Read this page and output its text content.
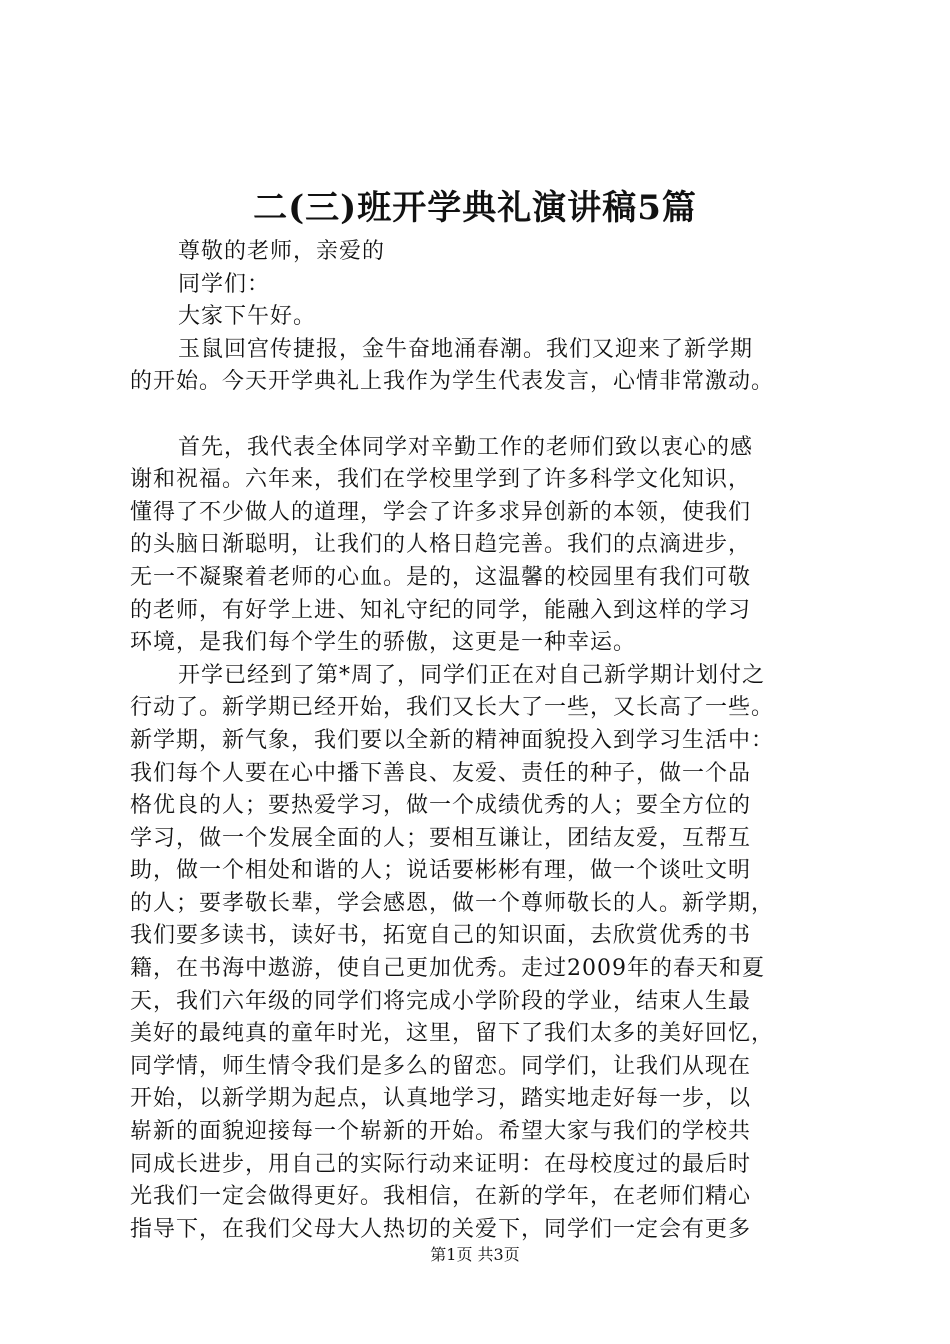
二(三)班开学典礼演讲稿5篇
尊敬的老师，亲爱的
同学们：
大家下午好。
玉鼠回宫传捷报，金牛奋地涌春潮。我们又迎来了新学期
的开始。今天开学典礼上我作为学生代表发言，心情非常激动。
首先，我代表全体同学对辛勤工作的老师们致以衷心的感
谢和祝福。六年来，我们在学校里学到了许多科学文化知识，
懂得了不少做人的道理，学会了许多求异创新的本领，使我们
的头脑日渐聪明，让我们的人格日趋完善。我们的点滴进步，
无一不凝聚着老师的心血。是的，这温馨的校园里有我们可敬
的老师，有好学上进、知礼守纪的同学，能融入到这样的学习
环境，是我们每个学生的骄傲，这更是一种幸运。
开学已经到了第*周了，同学们正在对自己新学期计划付之
行动了。新学期已经开始，我们又长大了一些，又长高了一些。
新学期，新气象，我们要以全新的精神面貌投入到学习生活中：
我们每个人要在心中播下善良、友爱、责任的种子，做一个品
格优良的人；要热爱学习，做一个成绩优秀的人；要全方位的
学习，做一个发展全面的人；要相互谦让，团结友爱，互帮互
助，做一个相处和谐的人；说话要彬彬有理，做一个谈吐文明
的人；要孝敬长辈，学会感恩，做一个尊师敬长的人。新学期，
我们要多读书，读好书，拓宽自己的知识面，去欣赏优秀的书
籍，在书海中遨游，使自己更加优秀。走过2009年的春天和夏
天，我们六年级的同学们将完成小学阶段的学业，结束人生最
美好的最纯真的童年时光，这里，留下了我们太多的美好回忆，
同学情，师生情令我们是多么的留恋。同学们，让我们从现在
开始，以新学期为起点，认真地学习，踏实地走好每一步，以
崭新的面貌迎接每一个崭新的开始。希望大家与我们的学校共
同成长进步，用自己的实际行动来证明：在母校度过的最后时
光我们一定会做得更好。我相信，在新的学年，在老师们精心
指导下，在我们父母大人热切的关爱下，同学们一定会有更多
第1页 共3页
